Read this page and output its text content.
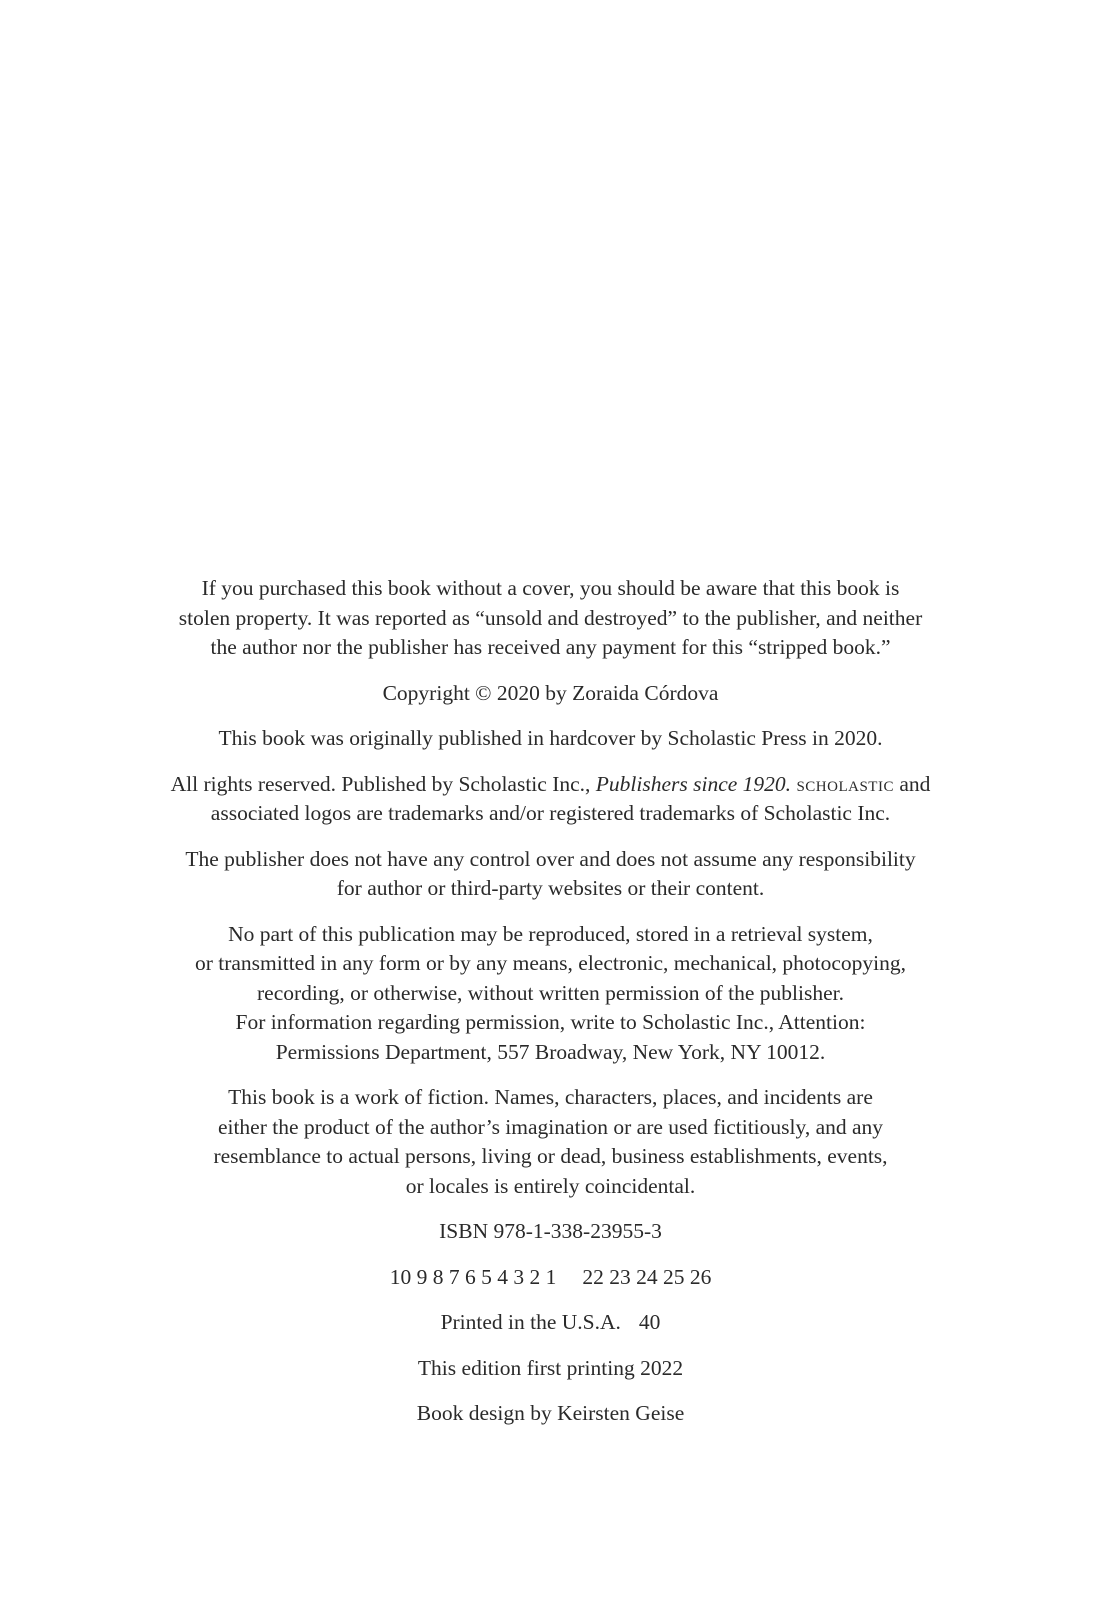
If you purchased this book without a cover, you should be aware that this book is
stolen property. It was reported as “unsold and destroyed” to the publisher, and neither
the author nor the publisher has received any payment for this “stripped book.”

Copyright © 2020 by Zoraida Córdova

This book was originally published in hardcover by Scholastic Press in 2020.

All rights reserved. Published by Scholastic Inc., Publishers since 1920. scholastic and
associated logos are trademarks and/or registered trademarks of Scholastic Inc.

The publisher does not have any control over and does not assume any responsibility
for author or third-party websites or their content.

No part of this publication may be reproduced, stored in a retrieval system,
or transmitted in any form or by any means, electronic, mechanical, photocopying,
recording, or otherwise, without written permission of the publisher.
For information regarding permission, write to Scholastic Inc., Attention:
Permissions Department, 557 Broadway, New York, NY 10012.

This book is a work of fiction. Names, characters, places, and incidents are
either the product of the author’s imagination or are used fictitiously, and any
resemblance to actual persons, living or dead, business establishments, events,
or locales is entirely coincidental.

ISBN 978-1-338-23955-3

10 9 8 7 6 5 4 3 2 1 22 23 24 25 26

Printed in the U.S.A. 40

This edition first printing 2022

Book design by Keirsten Geise
